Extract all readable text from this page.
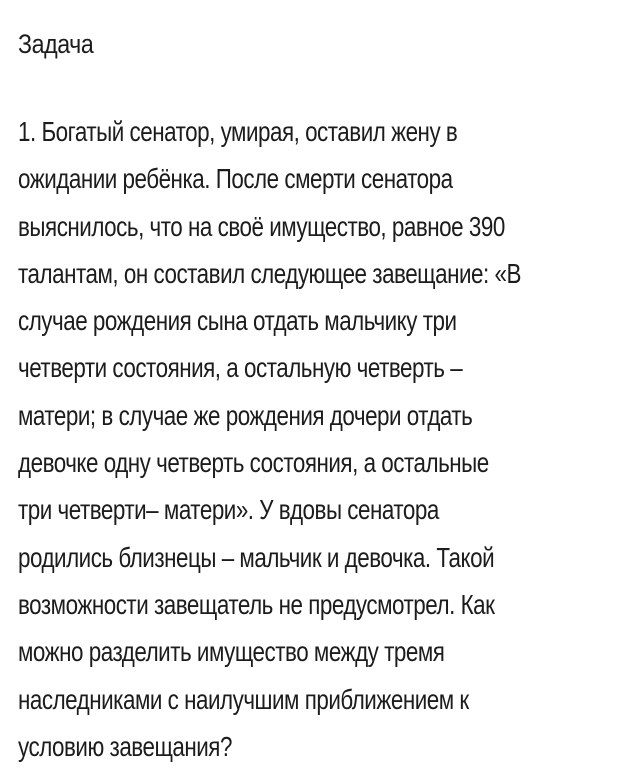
Задача
1. Богатый сенатор, умирая, оставил жену в
ожидании ребёнка. После смерти сенатора
выяснилось, что на своё имущество, равное 390
талантам, он составил следующее завещание: «В
случае рождения сына отдать мальчику три
четверти состояния, а остальную четверть –
матери; в случае же рождения дочери отдать
девочке одну четверть состояния, а остальные
три четверти– матери». У вдовы сенатора
родились близнецы – мальчик и девочка. Такой
возможности завещатель не предусмотрел. Как
можно разделить имущество между тремя
наследниками с наилучшим приближением к
условию завещания?
